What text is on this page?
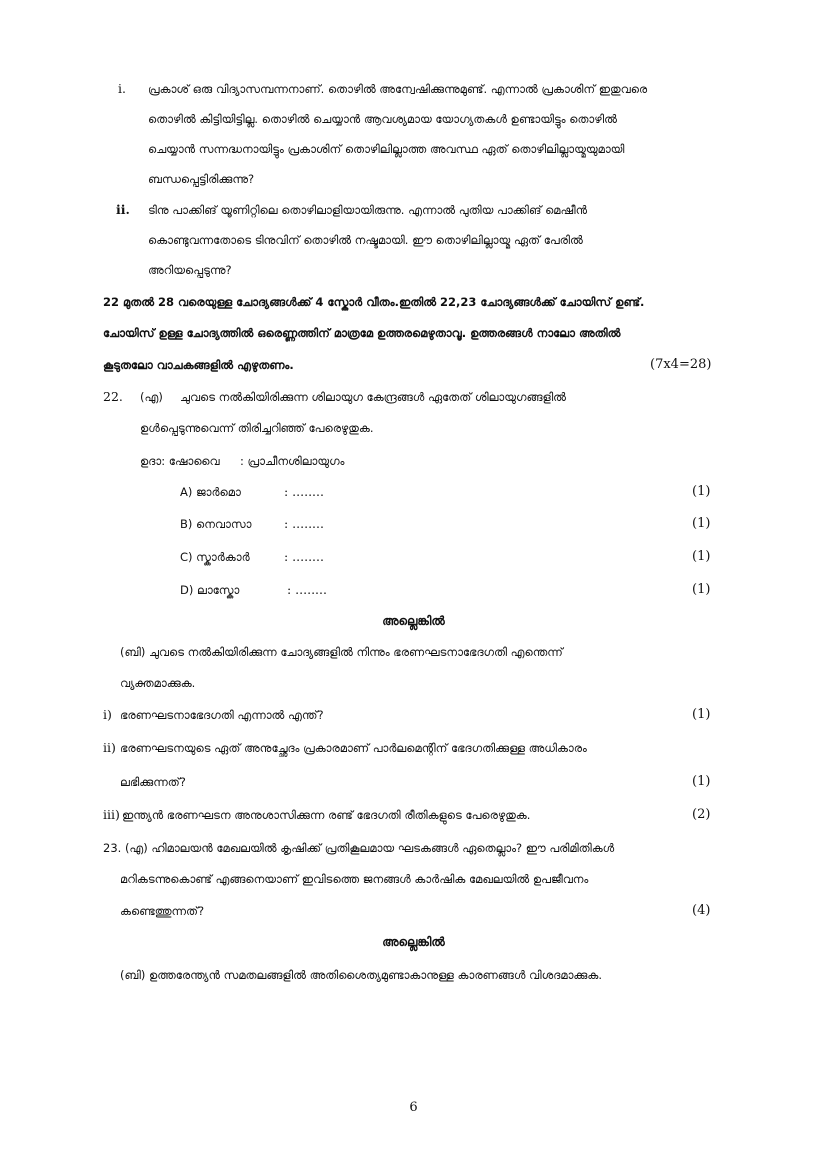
i. പ്രകാശ് ഒരു വിദ്യാസമ്പന്നനാണ്. തൊഴിൽ അന്വേഷിക്കുന്നുമുണ്ട്. എന്നാൽ പ്രകാശിന് ഇതുവരെ
തൊഴിൽ കിട്ടിയിട്ടില്ല. തൊഴിൽ ചെയ്യാൻ ആവശ്യമായ യോഗ്യതകൾ ഉണ്ടായിട്ടും തൊഴിൽ
ചെയ്യാൻ സന്നദ്ധനായിട്ടും പ്രകാശിന് തൊഴിലില്ലാത്ത അവസ്ഥ ഏത് തൊഴിലില്ലായ്മയുമായി
ബന്ധപ്പെട്ടിരിക്കുന്നു?
ii. ടിനു പാക്കിങ് യൂണിറ്റിലെ തൊഴിലാളിയായിരുന്നു. എന്നാൽ പുതിയ പാക്കിങ് മെഷീൻ
കൊണ്ടുവന്നതോടെ ടിനുവിന് തൊഴിൽ നഷ്ടമായി. ഈ തൊഴിലില്ലായ്മ ഏത് പേരിൽ
അറിയപ്പെടുന്നു?
22 മുതൽ 28 വരെയുള്ള ചോദ്യങ്ങൾക്ക് 4 സ്കോർ വീതം.ഇതിൽ 22,23 ചോദ്യങ്ങൾക്ക് ചോയിസ് ഉണ്ട്.
ചോയിസ് ഉള്ള ചോദ്യത്തിൽ ഒരെണ്ണത്തിന് മാത്രമേ ഉത്തരമെഴുതാവൂ. ഉത്തരങ്ങൾ നാലോ അതിൽ
കൂടുതലോ വാചകങ്ങളിൽ എഴുതണം.	(7x4=28)
22. (എ) ചുവടെ നൽകിയിരിക്കുന്ന ശിലായുഗ കേന്ദ്രങ്ങൾ ഏതേത് ശിലായുഗങ്ങളിൽ
ഉൾപ്പെടുന്നുവെന്ന് തിരിച്ചറിഞ്ഞ് പേരെഴുതുക.
ഉദാ: ഷോവൈ : പ്രാചീനശിലായുഗം
A) ജാർമൊ	: ........	(1)
B) നെവാസാ	: ........	(1)
C) സ്കാർകാർ	: ........	(1)
D) ലാസ്കോ	: ........	(1)
അല്ലെങ്കിൽ
(ബി) ചുവടെ നൽകിയിരിക്കുന്ന ചോദ്യങ്ങളിൽ നിന്നും ഭരണഘടനാഭേദഗതി എന്തെന്ന്
വ്യക്തമാക്കുക.
i) ഭരണഘടനാഭേദഗതി എന്നാൽ എന്ത്?	(1)
ii) ഭരണഘടനയുടെ ഏത് അനുച്ഛേദം പ്രകാരമാണ് പാർലമെന്റിന് ഭേദഗതിക്കുള്ള അധികാരം
ലഭിക്കുന്നത്?	(1)
iii) ഇന്ത്യൻ ഭരണഘടന അനുശാസിക്കുന്ന രണ്ട് ഭേദഗതി രീതികളുടെ പേരെഴുതുക.	(2)
23. (എ) ഹിമാലയൻ മേഖലയിൽ കൃഷിക്ക് പ്രതികൂലമായ ഘടകങ്ങൾ ഏതെല്ലാം? ഈ പരിമിതികൾ
മറികടന്നുകൊണ്ട് എങ്ങനെയാണ് ഇവിടത്തെ ജനങ്ങൾ കാർഷിക മേഖലയിൽ ഉപജീവനം
കണ്ടെത്തുന്നത്?	(4)
അല്ലെങ്കിൽ
(ബി) ഉത്തരേന്ത്യൻ സമതലങ്ങളിൽ അതിശൈത്യമുണ്ടാകാനുള്ള കാരണങ്ങൾ വിശദമാക്കുക.
6
